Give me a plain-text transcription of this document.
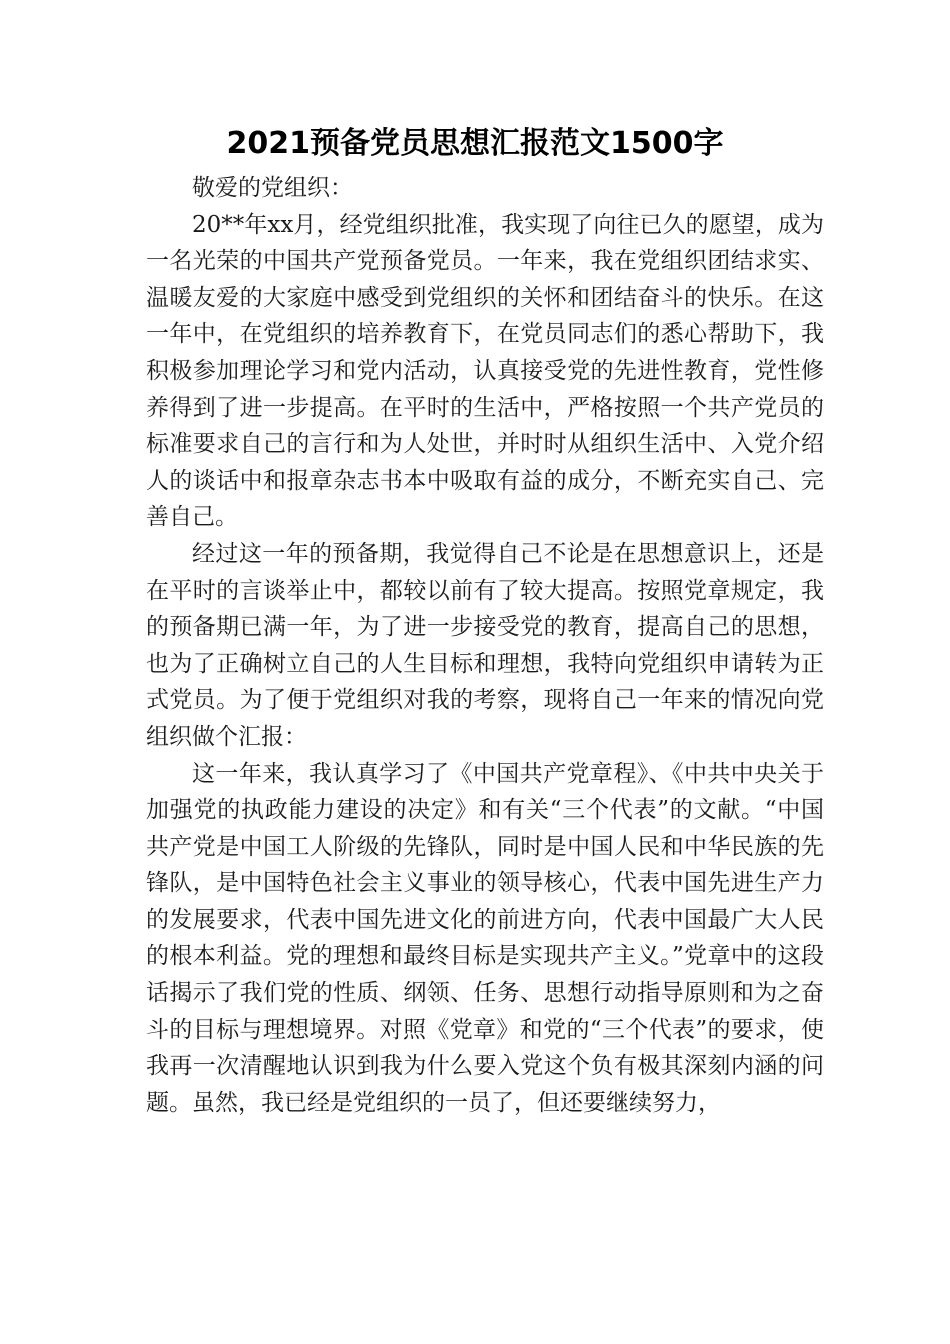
2021预备党员思想汇报范文1500字

敬爱的党组织：

20**年xx月，经党组织批准，我实现了向往已久的愿望，成为一名光荣的中国共产党预备党员。一年来，我在党组织团结求实、温暖友爱的大家庭中感受到党组织的关怀和团结奋斗的快乐。在这一年中，在党组织的培养教育下，在党员同志们的悉心帮助下，我积极参加理论学习和党内活动，认真接受党的先进性教育，党性修养得到了进一步提高。在平时的生活中，严格按照一个共产党员的标准要求自己的言行和为人处世，并时时从组织生活中、入党介绍人的谈话中和报章杂志书本中吸取有益的成分，不断充实自己、完善自己。

经过这一年的预备期，我觉得自己不论是在思想意识上，还是在平时的言谈举止中，都较以前有了较大提高。按照党章规定，我的预备期已满一年，为了进一步接受党的教育，提高自己的思想，也为了正确树立自己的人生目标和理想，我特向党组织申请转为正式党员。为了便于党组织对我的考察，现将自己一年来的情况向党组织做个汇报：

这一年来，我认真学习了《中国共产党章程》、《中共中央关于加强党的执政能力建设的决定》和有关“三个代表”的文献。“中国共产党是中国工人阶级的先锋队，同时是中国人民和中华民族的先锋队，是中国特色社会主义事业的领导核心，代表中国先进生产力的发展要求，代表中国先进文化的前进方向，代表中国最广大人民的根本利益。党的理想和最终目标是实现共产主义。”党章中的这段话揭示了我们党的性质、纲领、任务、思想行动指导原则和为之奋斗的目标与理想境界。对照《党章》和党的“三个代表”的要求，使我再一次清醒地认识到我为什么要入党这个负有极其深刻内涵的问题。虽然，我已经是党组织的一员了，但还要继续努力，
